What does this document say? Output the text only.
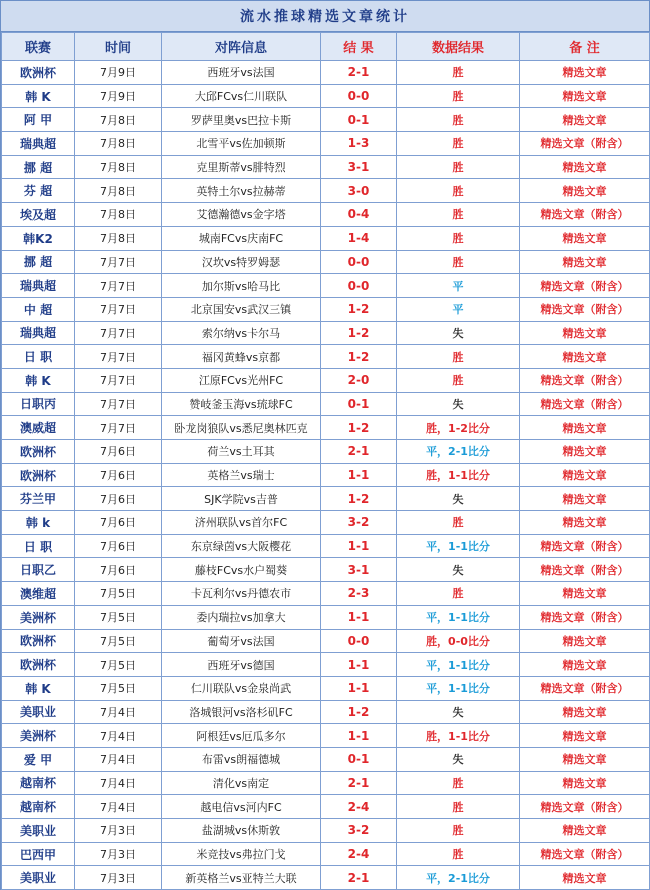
流水推球精选文章统计
联赛	时间	对阵信息	结 果	数据结果	备 注
欧洲杯	7月9日	西班牙vs法国	2-1	胜	精选文章
韩 K	7月9日	大邱FCvs仁川联队	0-0	胜	精选文章
阿 甲	7月8日	罗萨里奥vs巴拉卡斯	0-1	胜	精选文章
瑞典超	7月8日	北雪平vs佐加顿斯	1-3	胜	精选文章（附含）
挪 超	7月8日	克里斯蒂vs腓特烈	3-1	胜	精选文章
芬 超	7月8日	英特土尔vs拉赫蒂	3-0	胜	精选文章
埃及超	7月8日	艾德瀚德vs金字塔	0-4	胜	精选文章（附含）
韩K2	7月8日	城南FCvs庆南FC	1-4	胜	精选文章
挪 超	7月7日	汉坎vs特罗姆瑟	0-0	胜	精选文章
瑞典超	7月7日	加尔斯vs哈马比	0-0	平	精选文章（附含）
中 超	7月7日	北京国安vs武汉三镇	1-2	平	精选文章（附含）
瑞典超	7月7日	索尔纳vs卡尔马	1-2	失	精选文章
日 职	7月7日	福冈黄蜂vs京都	1-2	胜	精选文章
韩 K	7月7日	江原FCvs光州FC	2-0	胜	精选文章（附含）
日职丙	7月7日	赞岐釜玉海vs琉球FC	0-1	失	精选文章（附含）
澳威超	7月7日	卧龙岗狼队vs悉尼奥林匹克	1-2	胜，1-2比分	精选文章
欧洲杯	7月6日	荷兰vs土耳其	2-1	平，2-1比分	精选文章
欧洲杯	7月6日	英格兰vs瑞士	1-1	胜，1-1比分	精选文章
芬兰甲	7月6日	SJK学院vs吉普	1-2	失	精选文章
韩 k	7月6日	济州联队vs首尔FC	3-2	胜	精选文章
日 职	7月6日	东京绿茵vs大阪樱花	1-1	平，1-1比分	精选文章（附含）
日职乙	7月6日	藤枝FCvs水户蜀葵	3-1	失	精选文章（附含）
澳维超	7月5日	卡瓦利尔vs丹德农市	2-3	胜	精选文章
美洲杯	7月5日	委内瑞拉vs加拿大	1-1	平，1-1比分	精选文章（附含）
欧洲杯	7月5日	葡萄牙vs法国	0-0	胜，0-0比分	精选文章
欧洲杯	7月5日	西班牙vs德国	1-1	平，1-1比分	精选文章
韩 K	7月5日	仁川联队vs金泉尚武	1-1	平，1-1比分	精选文章（附含）
美职业	7月4日	洛城银河vs洛杉矶FC	1-2	失	精选文章
美洲杯	7月4日	阿根廷vs厄瓜多尔	1-1	胜，1-1比分	精选文章
爱 甲	7月4日	布雷vs朗福德城	0-1	失	精选文章
越南杯	7月4日	清化vs南定	2-1	胜	精选文章
越南杯	7月4日	越电信vs河内FC	2-4	胜	精选文章（附含）
美职业	7月3日	盐湖城vs休斯敦	3-2	胜	精选文章
巴西甲	7月3日	米竞技vs弗拉门戈	2-4	胜	精选文章（附含）
美职业	7月3日	新英格兰vs亚特兰大联	2-1	平，2-1比分	精选文章
